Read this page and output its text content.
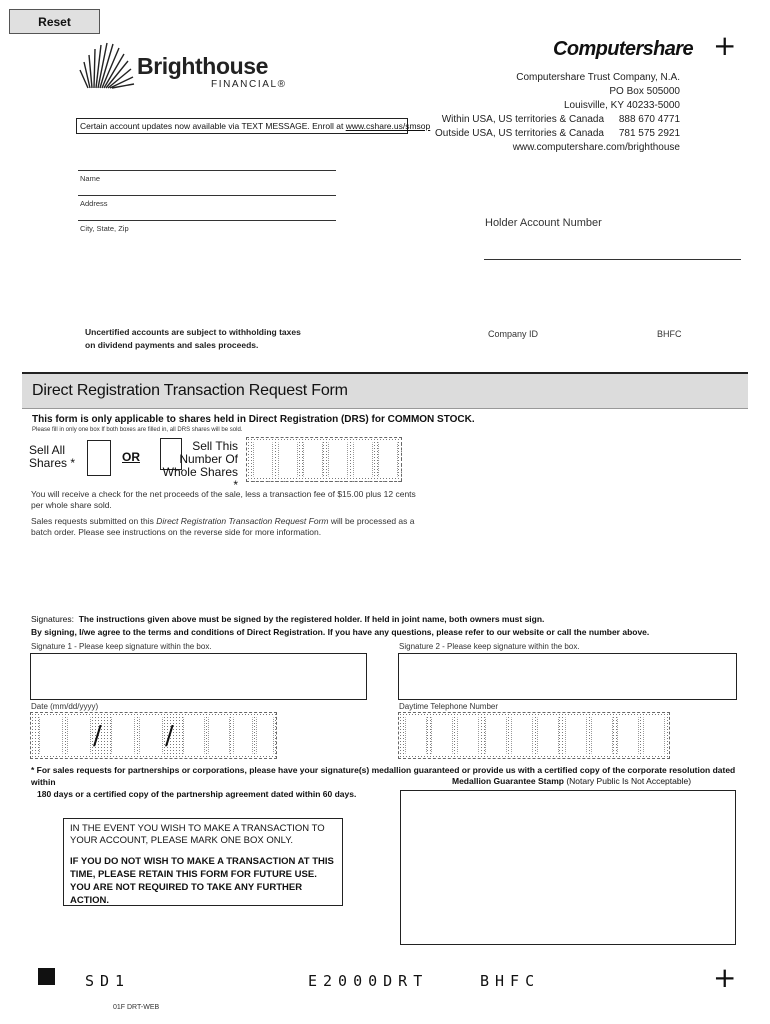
Reset
Brighthouse
FINANCIAL®
Certain account updates now available via TEXT MESSAGE. Enroll at www.cshare.us/smsop
Computershare +
Computershare Trust Company, N.A.
PO Box 505000
Louisville, KY 40233-5000
Within USA, US territories & Canada 888 670 4771
Outside USA, US territories & Canada 781 575 2921
www.computershare.com/brighthouse
Name
Address
City, State, Zip	Holder Account Number
Uncertified accounts are subject to withholding taxes
on dividend payments and sales proceeds.
Company ID	BHFC
Direct Registration Transaction Request Form
This form is only applicable to shares held in Direct Registration (DRS) for COMMON STOCK.
Please fill in only one box If both boxes are filled in, all DRS shares will be sold.
Sell All
Shares *	OR
Sell This
Number Of
Whole Shares *
You will receive a check for the net proceeds of the sale, less a transaction fee of $15.00 plus 12 cents per whole share sold.
Sales requests submitted on this Direct Registration Transaction Request Form will be processed as a batch order. Please see instructions on the reverse side for more information.
Signatures: The instructions given above must be signed by the registered holder. If held in joint name, both owners must sign.
By signing, I/we agree to the terms and conditions of Direct Registration. If you have any questions, please refer to our website or call the number above.
Signature 1 - Please keep signature within the box.	Signature 2 - Please keep signature within the box.
Date (mm/dd/yyyy)	Daytime Telephone Number
/ /
* For sales requests for partnerships or corporations, please have your signature(s) medallion guaranteed or provide us with a certified copy of the corporate resolution dated within
180 days or a certified copy of the partnership agreement dated within 60 days.
Medallion Guarantee Stamp (Notary Public Is Not Acceptable)
IN THE EVENT YOU WISH TO MAKE A TRANSACTION TO YOUR ACCOUNT, PLEASE MARK ONE BOX ONLY.
IF YOU DO NOT WISH TO MAKE A TRANSACTION AT THIS TIME, PLEASE RETAIN THIS FORM FOR FUTURE USE. YOU ARE NOT REQUIRED TO TAKE ANY FURTHER ACTION.
SD1	E2000DRT	BHFC	+
01F DRT-WEB
